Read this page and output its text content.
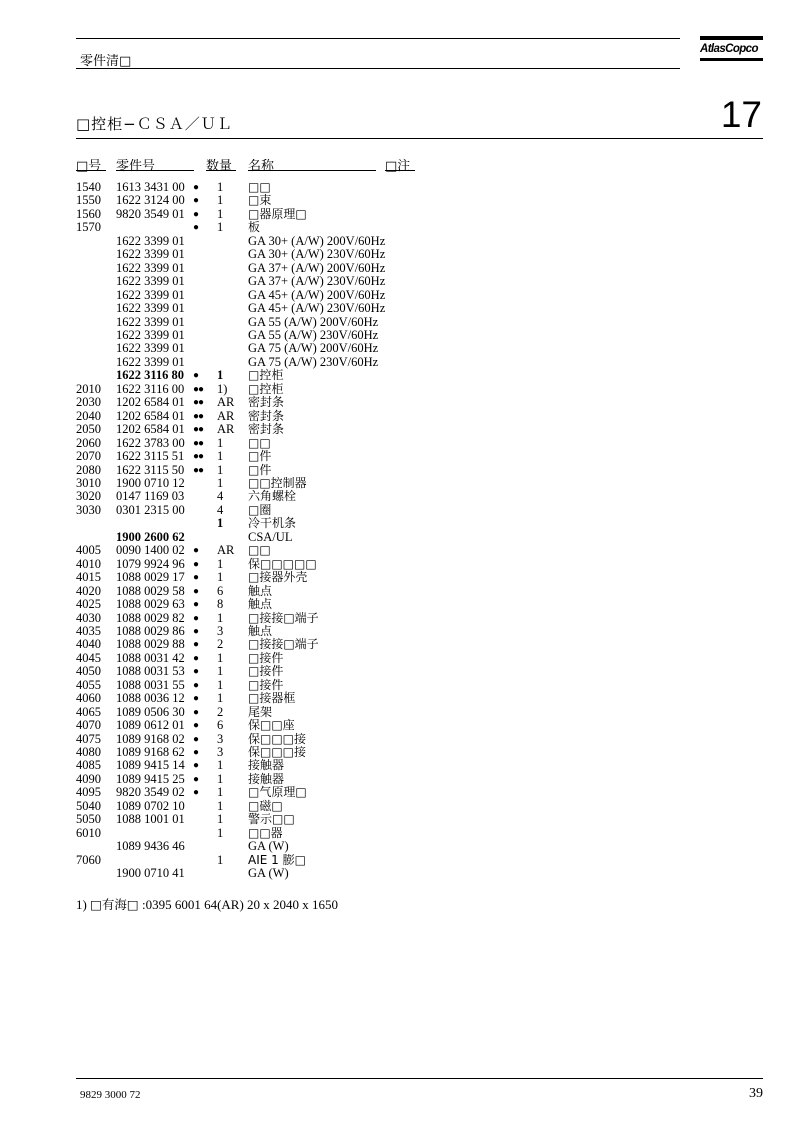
零件清□
AtlasCopco
□控柜−ＣＳＡ／ＵＬ	17
□号 零件号	数量 名称	□注
1540 1613 3431 00 ● 1 □□
1550 1622 3124 00 ● 1 □束
1560 9820 3549 01 ● 1 □器原理□
1570	● 1 板
1622 3399 01	GA 30+ (A/W) 200V/60Hz
1622 3399 01	GA 30+ (A/W) 230V/60Hz
1622 3399 01	GA 37+ (A/W) 200V/60Hz
1622 3399 01	GA 37+ (A/W) 230V/60Hz
1622 3399 01	GA 45+ (A/W) 200V/60Hz
1622 3399 01	GA 45+ (A/W) 230V/60Hz
1622 3399 01	GA 55 (A/W) 200V/60Hz
1622 3399 01	GA 55 (A/W) 230V/60Hz
1622 3399 01	GA 75 (A/W) 200V/60Hz
1622 3399 01	GA 75 (A/W) 230V/60Hz
1622 3116 80 ● 1 □控柜
2010 1622 3116 00 ●● 1) □控柜
2030 1202 6584 01 ●● AR 密封条
2040 1202 6584 01 ●● AR 密封条
2050 1202 6584 01 ●● AR 密封条
2060 1622 3783 00 ●● 1 □□
2070 1622 3115 51 ●● 1 □件
2080 1622 3115 50 ●● 1 □件
3010 1900 0710 12	1 □□控制器
3020 0147 1169 03	4 六角螺栓
3030 0301 2315 00	4 □圈
1 冷干机条
1900 2600 62	CSA/UL
4005 0090 1400 02 ● AR □□
4010 1079 9924 96 ● 1 保□□□□□
4015 1088 0029 17 ● 1 □接器外壳
4020 1088 0029 58 ● 6 触点
4025 1088 0029 63 ● 8 触点
4030 1088 0029 82 ● 1 □接接□端子
4035 1088 0029 86 ● 3 触点
4040 1088 0029 88 ● 2 □接接□端子
4045 1088 0031 42 ● 1 □接件
4050 1088 0031 53 ● 1 □接件
4055 1088 0031 55 ● 1 □接件
4060 1088 0036 12 ● 1 □接器框
4065 1089 0506 30 ● 2 尾架
4070 1089 0612 01 ● 6 保□□座
4075 1089 9168 02 ● 3 保□□□接
4080 1089 9168 62 ● 3 保□□□接
4085 1089 9415 14 ● 1 接触器
4090 1089 9415 25 ● 1 接触器
4095 9820 3549 02 ● 1 □气原理□
5040 1089 0702 10	1 □磁□
5050 1088 1001 01	1 警示□□
6010	1 □□器
1089 9436 46	GA (W)
7060	1 AIE 1 膨□
1900 0710 41	GA (W)
1) □有海□ :0395 6001 64(AR) 20 x 2040 x 1650
9829 3000 72	39
